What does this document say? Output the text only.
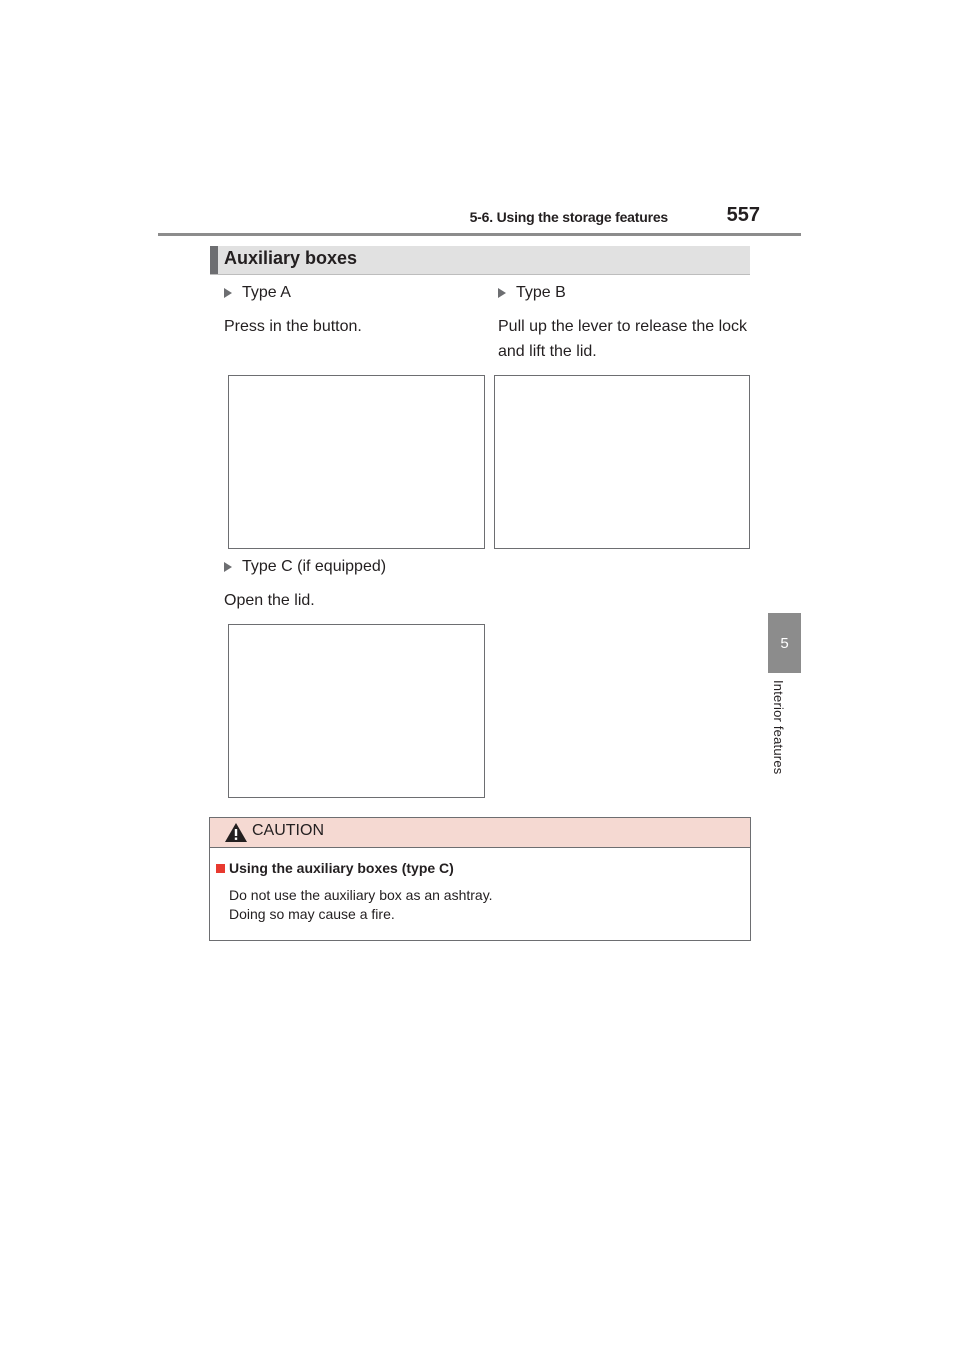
5-6. Using the storage features	557
5
Interior features
Auxiliary boxes
Type A
Press in the button.
Type B
Pull up the lever to release the lock
and lift the lid.
Type C (if equipped)
Open the lid.
CAUTION
Using the auxiliary boxes (type C)
Do not use the auxiliary box as an ashtray.
Doing so may cause a fire.
